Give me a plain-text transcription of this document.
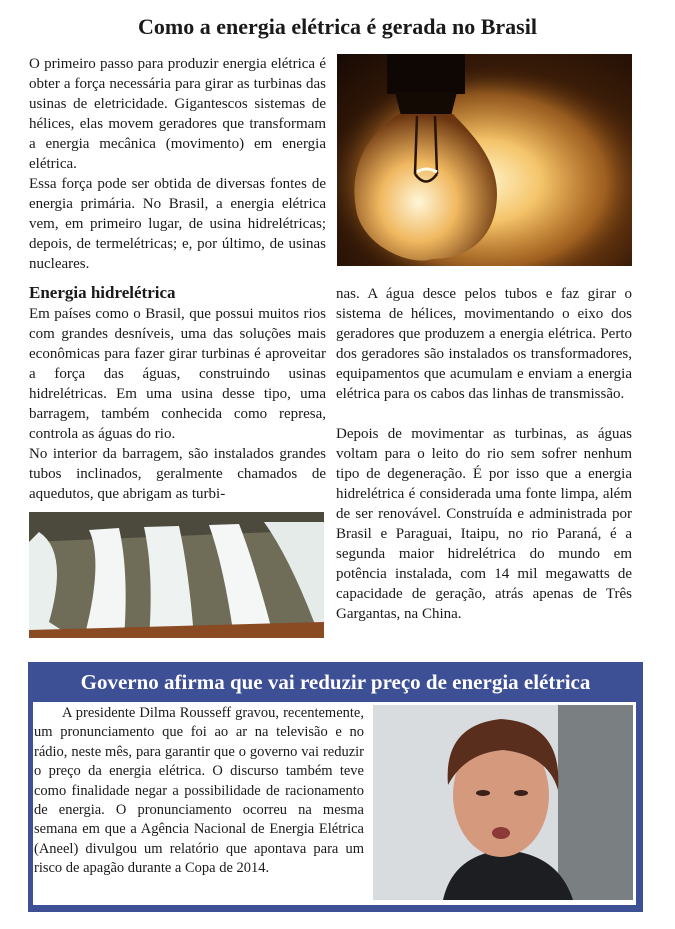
Como a energia elétrica é gerada no Brasil

O primeiro passo para produzir energia elétrica é obter a força necessária para girar as turbinas das usinas de eletricidade. Gigantescos sistemas de hélices, elas movem geradores que transformam a energia mecânica (movimento) em energia elétrica.

Essa força pode ser obtida de diversas fontes de energia primária. No Brasil, a energia elétrica vem, em primeiro lugar, de usina hidrelétricas; depois, de termelétricas; e, por último, de usinas nucleares.

Energia hidrelétrica

Em países como o Brasil, que possui muitos rios com grandes desníveis, uma das soluções mais econômicas para fazer girar turbinas é aproveitar a força das águas, construindo usinas hidrelétricas. Em uma usina desse tipo, uma barragem, também conhecida como represa, controla as águas do rio.

No interior da barragem, são instalados grandes tubos inclinados, geralmente chamados de aquedutos, que abrigam as turbi-

nas. A água desce pelos tubos e faz girar o sistema de hélices, movimentando o eixo dos geradores que produzem a energia elétrica. Perto dos geradores são instalados os transformadores, equipamentos que acumulam e enviam a energia elétrica para os cabos das linhas de transmissão.

Depois de movimentar as turbinas, as águas voltam para o leito do rio sem sofrer nenhum tipo de degeneração. É por isso que a energia hidrelétrica é considerada uma fonte limpa, além de ser renovável. Construída e administrada por Brasil e Paraguai, Itaipu, no rio Paraná, é a segunda maior hidrelétrica do mundo em potência instalada, com 14 mil megawatts de capacidade de geração, atrás apenas de Três Gargantas, na China.

Governo afirma que vai reduzir preço de energia elétrica

A presidente Dilma Rousseff gravou, recentemente, um pronunciamento que foi ao ar na televisão e no rádio, neste mês, para garantir que o governo vai reduzir o preço da energia elétrica. O discurso também teve como finalidade negar a possibilidade de racionamento de energia. O pronunciamento ocorreu na mesma semana em que a Agência Nacional de Energia Elétrica (Aneel) divulgou um relatório que apontava para um risco de apagão durante a Copa de 2014.
